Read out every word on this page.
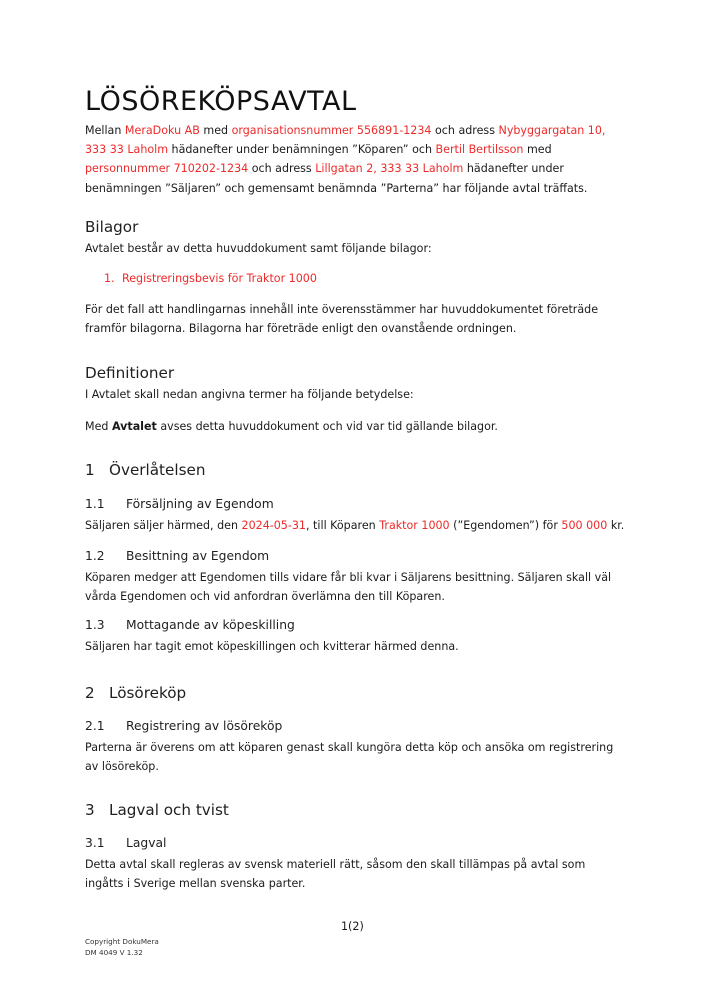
LÖSÖREKÖPSAVTAL

Mellan MeraDoku AB med organisationsnummer 556891-1234 och adress Nybyggargatan 10, 333 33 Laholm hädanefter under benämningen ”Köparen” och Bertil Bertilsson med personnummer 710202-1234 och adress Lillgatan 2, 333 33 Laholm hädanefter under benämningen ”Säljaren” och gemensamt benämnda ”Parterna” har följande avtal träffats.

Bilagor

Avtalet består av detta huvuddokument samt följande bilagor:

1. Registreringsbevis för Traktor 1000

För det fall att handlingarnas innehåll inte överensstämmer har huvuddokumentet företräde framför bilagorna. Bilagorna har företräde enligt den ovanstående ordningen.

Definitioner

I Avtalet skall nedan angivna termer ha följande betydelse:

Med Avtalet avses detta huvuddokument och vid var tid gällande bilagor.

1 Överlåtelsen
1.1 Försäljning av Egendom

Säljaren säljer härmed, den 2024-05-31, till Köparen Traktor 1000 (”Egendomen”) för 500 000 kr.

1.2 Besittning av Egendom

Köparen medger att Egendomen tills vidare får bli kvar i Säljarens besittning. Säljaren skall väl vårda Egendomen och vid anfordran överlämna den till Köparen.

1.3 Mottagande av köpeskilling

Säljaren har tagit emot köpeskillingen och kvitterar härmed denna.

2 Lösöreköp
2.1 Registrering av lösöreköp

Parterna är överens om att köparen genast skall kungöra detta köp och ansöka om registrering av lösöreköp.

3 Lagval och tvist
3.1 Lagval

Detta avtal skall regleras av svensk materiell rätt, såsom den skall tillämpas på avtal som ingåtts i Sverige mellan svenska parter.

1(2)
Copyright DokuMera
DM 4049 V 1.32
